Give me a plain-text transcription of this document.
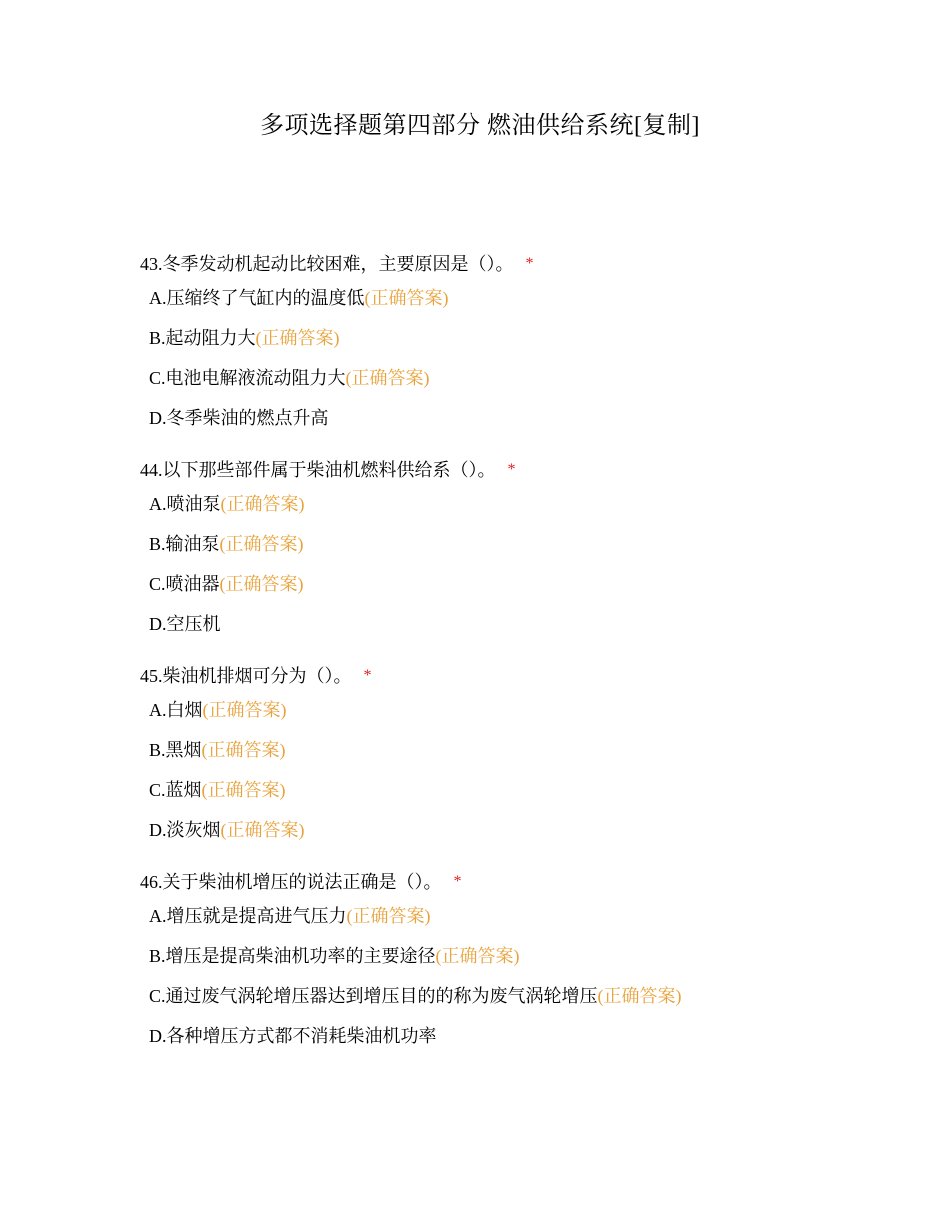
多项选择题第四部分 燃油供给系统[复制]
43.冬季发动机起动比较困难，主要原因是（）。 *
A.压缩终了气缸内的温度低(正确答案)
B.起动阻力大(正确答案)
C.电池电解液流动阻力大(正确答案)
D.冬季柴油的燃点升高
44.以下那些部件属于柴油机燃料供给系（）。 *
A.喷油泵(正确答案)
B.输油泵(正确答案)
C.喷油器(正确答案)
D.空压机
45.柴油机排烟可分为（）。 *
A.白烟(正确答案)
B.黑烟(正确答案)
C.蓝烟(正确答案)
D.淡灰烟(正确答案)
46.关于柴油机增压的说法正确是（）。 *
A.增压就是提高进气压力(正确答案)
B.增压是提高柴油机功率的主要途径(正确答案)
C.通过废气涡轮增压器达到增压目的的称为废气涡轮增压(正确答案)
D.各种增压方式都不消耗柴油机功率
